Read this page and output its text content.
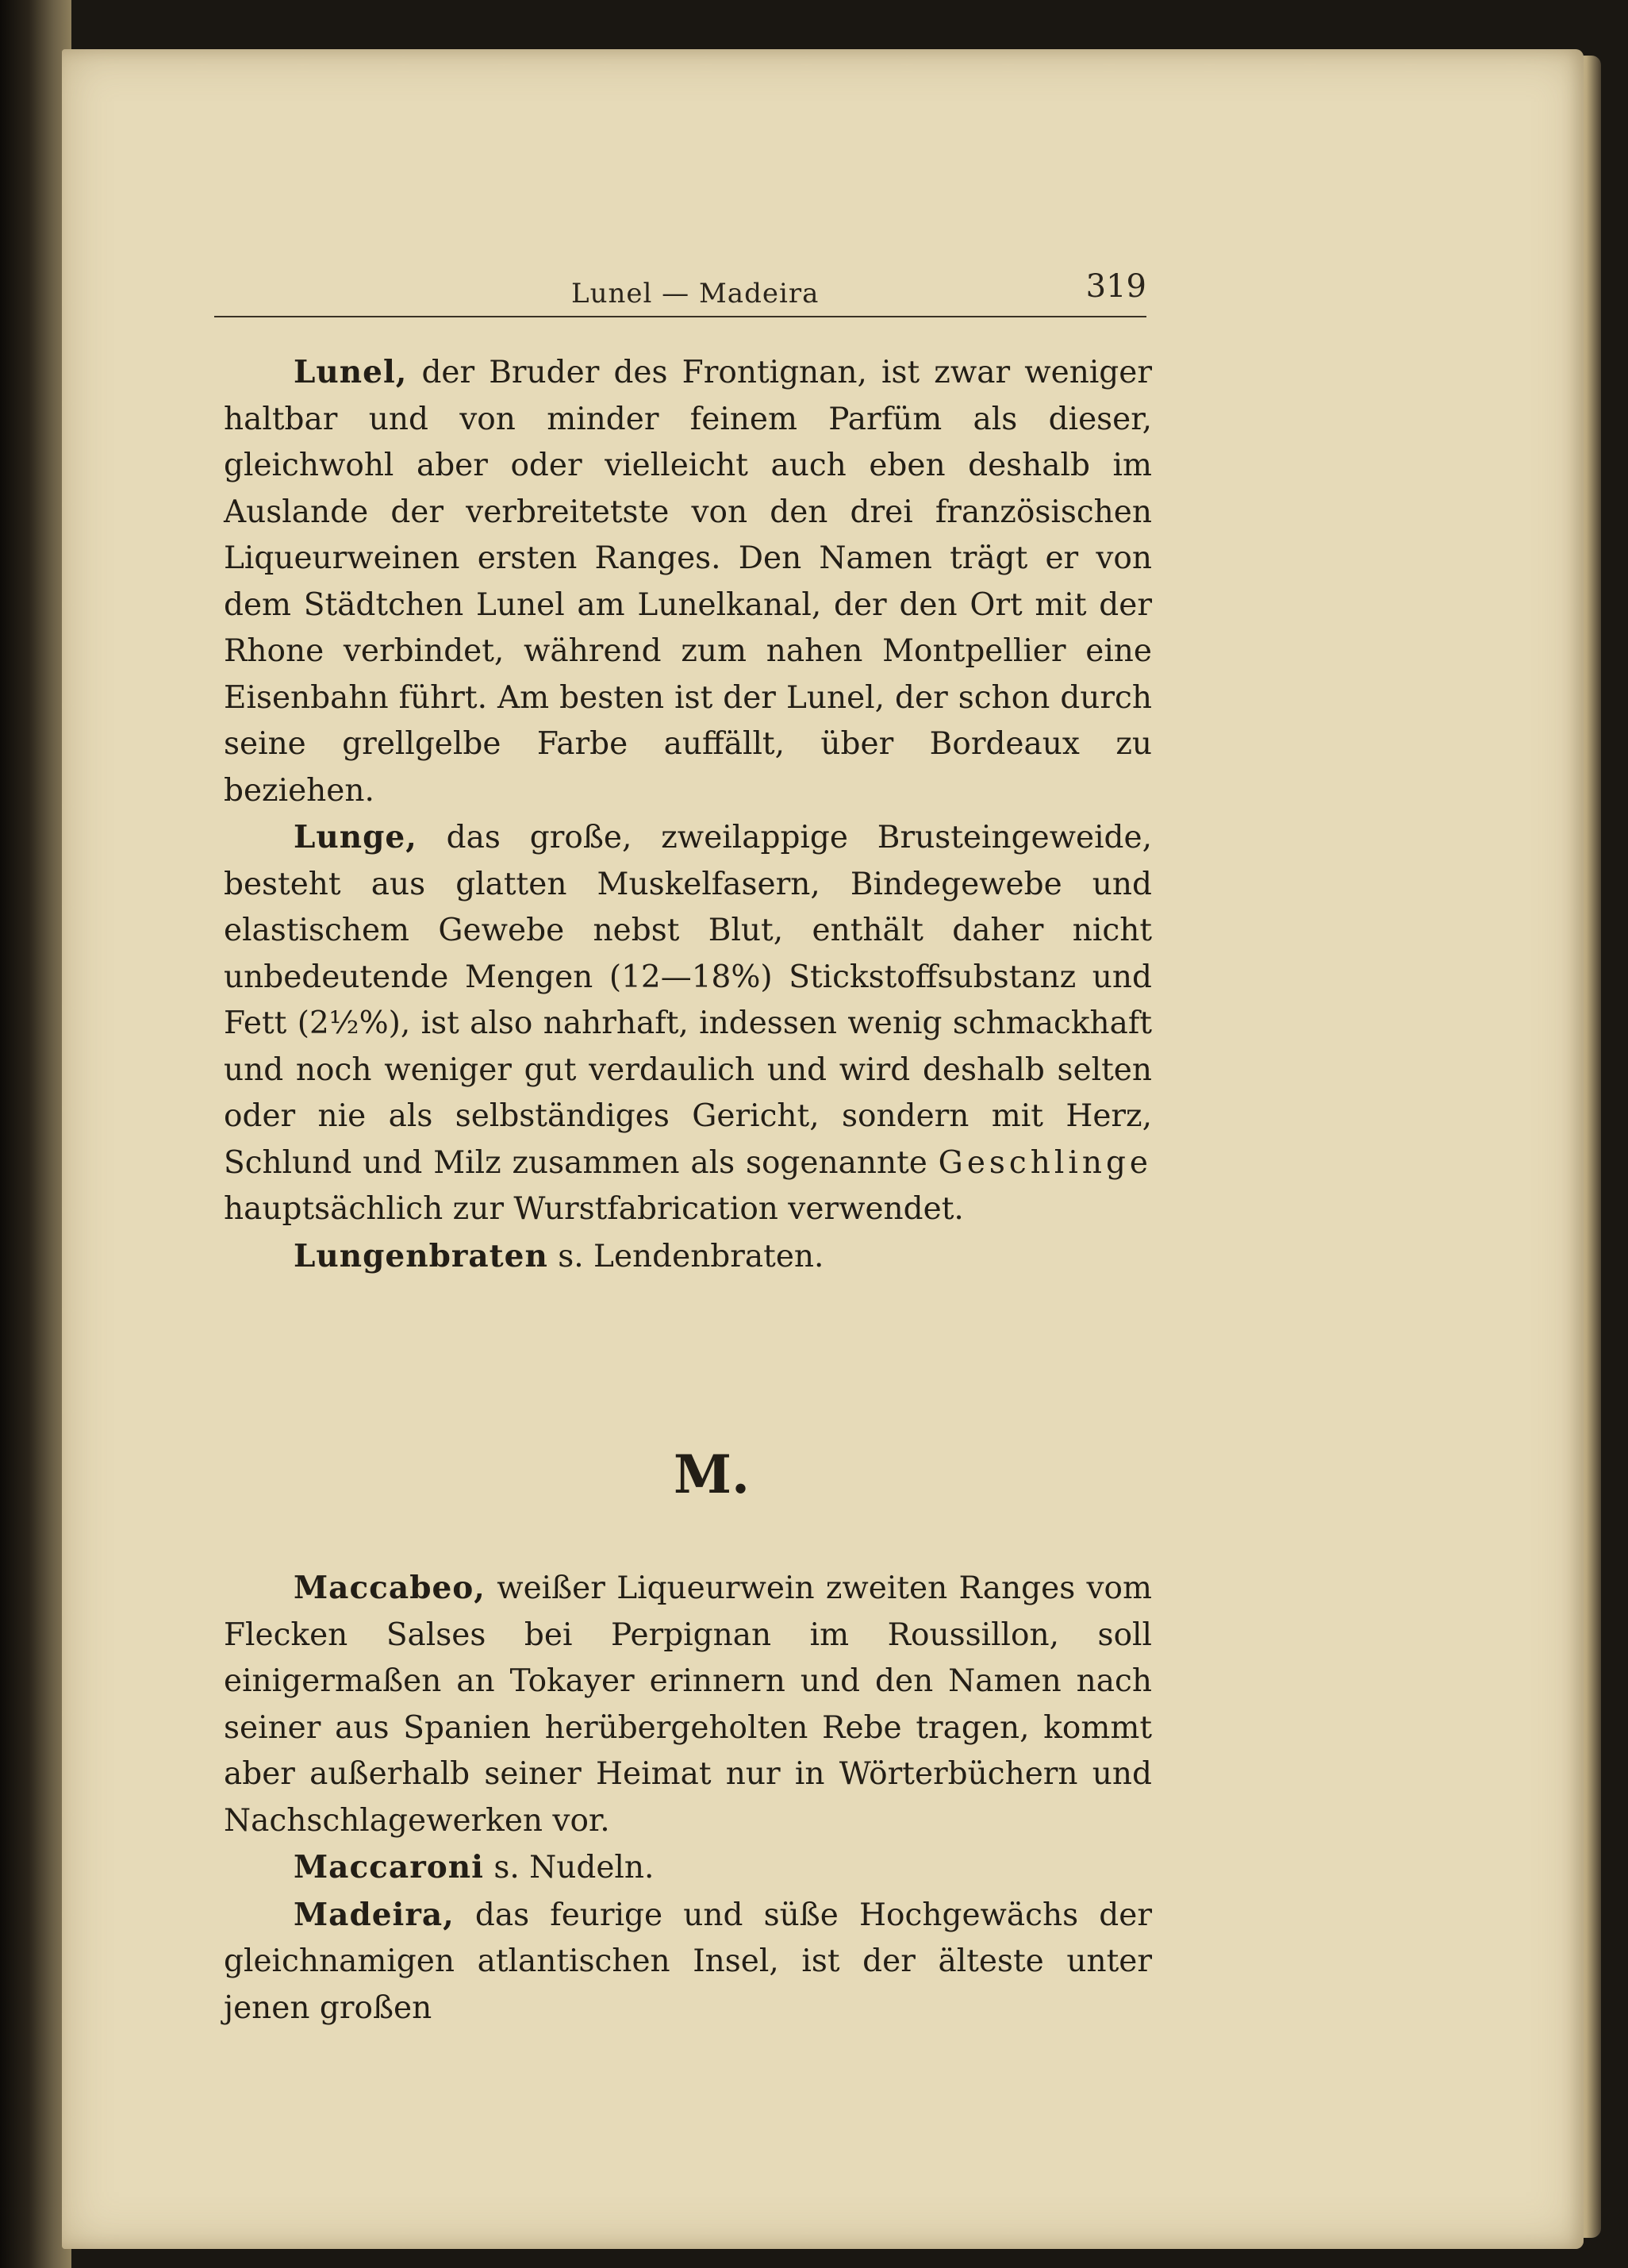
Lunel — Madeira	319

Lunel, der Bruder des Frontignan, ist zwar weniger haltbar und von minder feinem Parfüm als dieser, gleichwohl aber oder vielleicht auch eben deshalb im Auslande der verbreitetste von den drei französischen Liqueurweinen ersten Ranges. Den Namen trägt er von dem Städtchen Lunel am Lunelkanal, der den Ort mit der Rhone verbindet, während zum nahen Montpellier eine Eisenbahn führt. Am besten ist der Lunel, der schon durch seine grellgelbe Farbe auffällt, über Bordeaux zu beziehen.

Lunge, das große, zweilappige Brusteingeweide, besteht aus glatten Muskelfasern, Bindegewebe und elastischem Gewebe nebst Blut, enthält daher nicht unbedeutende Mengen (12—18%) Stickstoffsubstanz und Fett (2½%), ist also nahrhaft, indessen wenig schmackhaft und noch weniger gut verdaulich und wird deshalb selten oder nie als selbständiges Gericht, sondern mit Herz, Schlund und Milz zusammen als sogenannte Geschlinge hauptsächlich zur Wurstfabrication verwendet.

Lungenbraten s. Lendenbraten.

M.

Maccabeo, weißer Liqueurwein zweiten Ranges vom Flecken Salses bei Perpignan im Roussillon, soll einigermaßen an Tokayer erinnern und den Namen nach seiner aus Spanien herübergeholten Rebe tragen, kommt aber außerhalb seiner Heimat nur in Wörterbüchern und Nachschlagewerken vor.

Maccaroni s. Nudeln.

Madeira, das feurige und süße Hochgewächs der gleichnamigen atlantischen Insel, ist der älteste unter jenen großen
